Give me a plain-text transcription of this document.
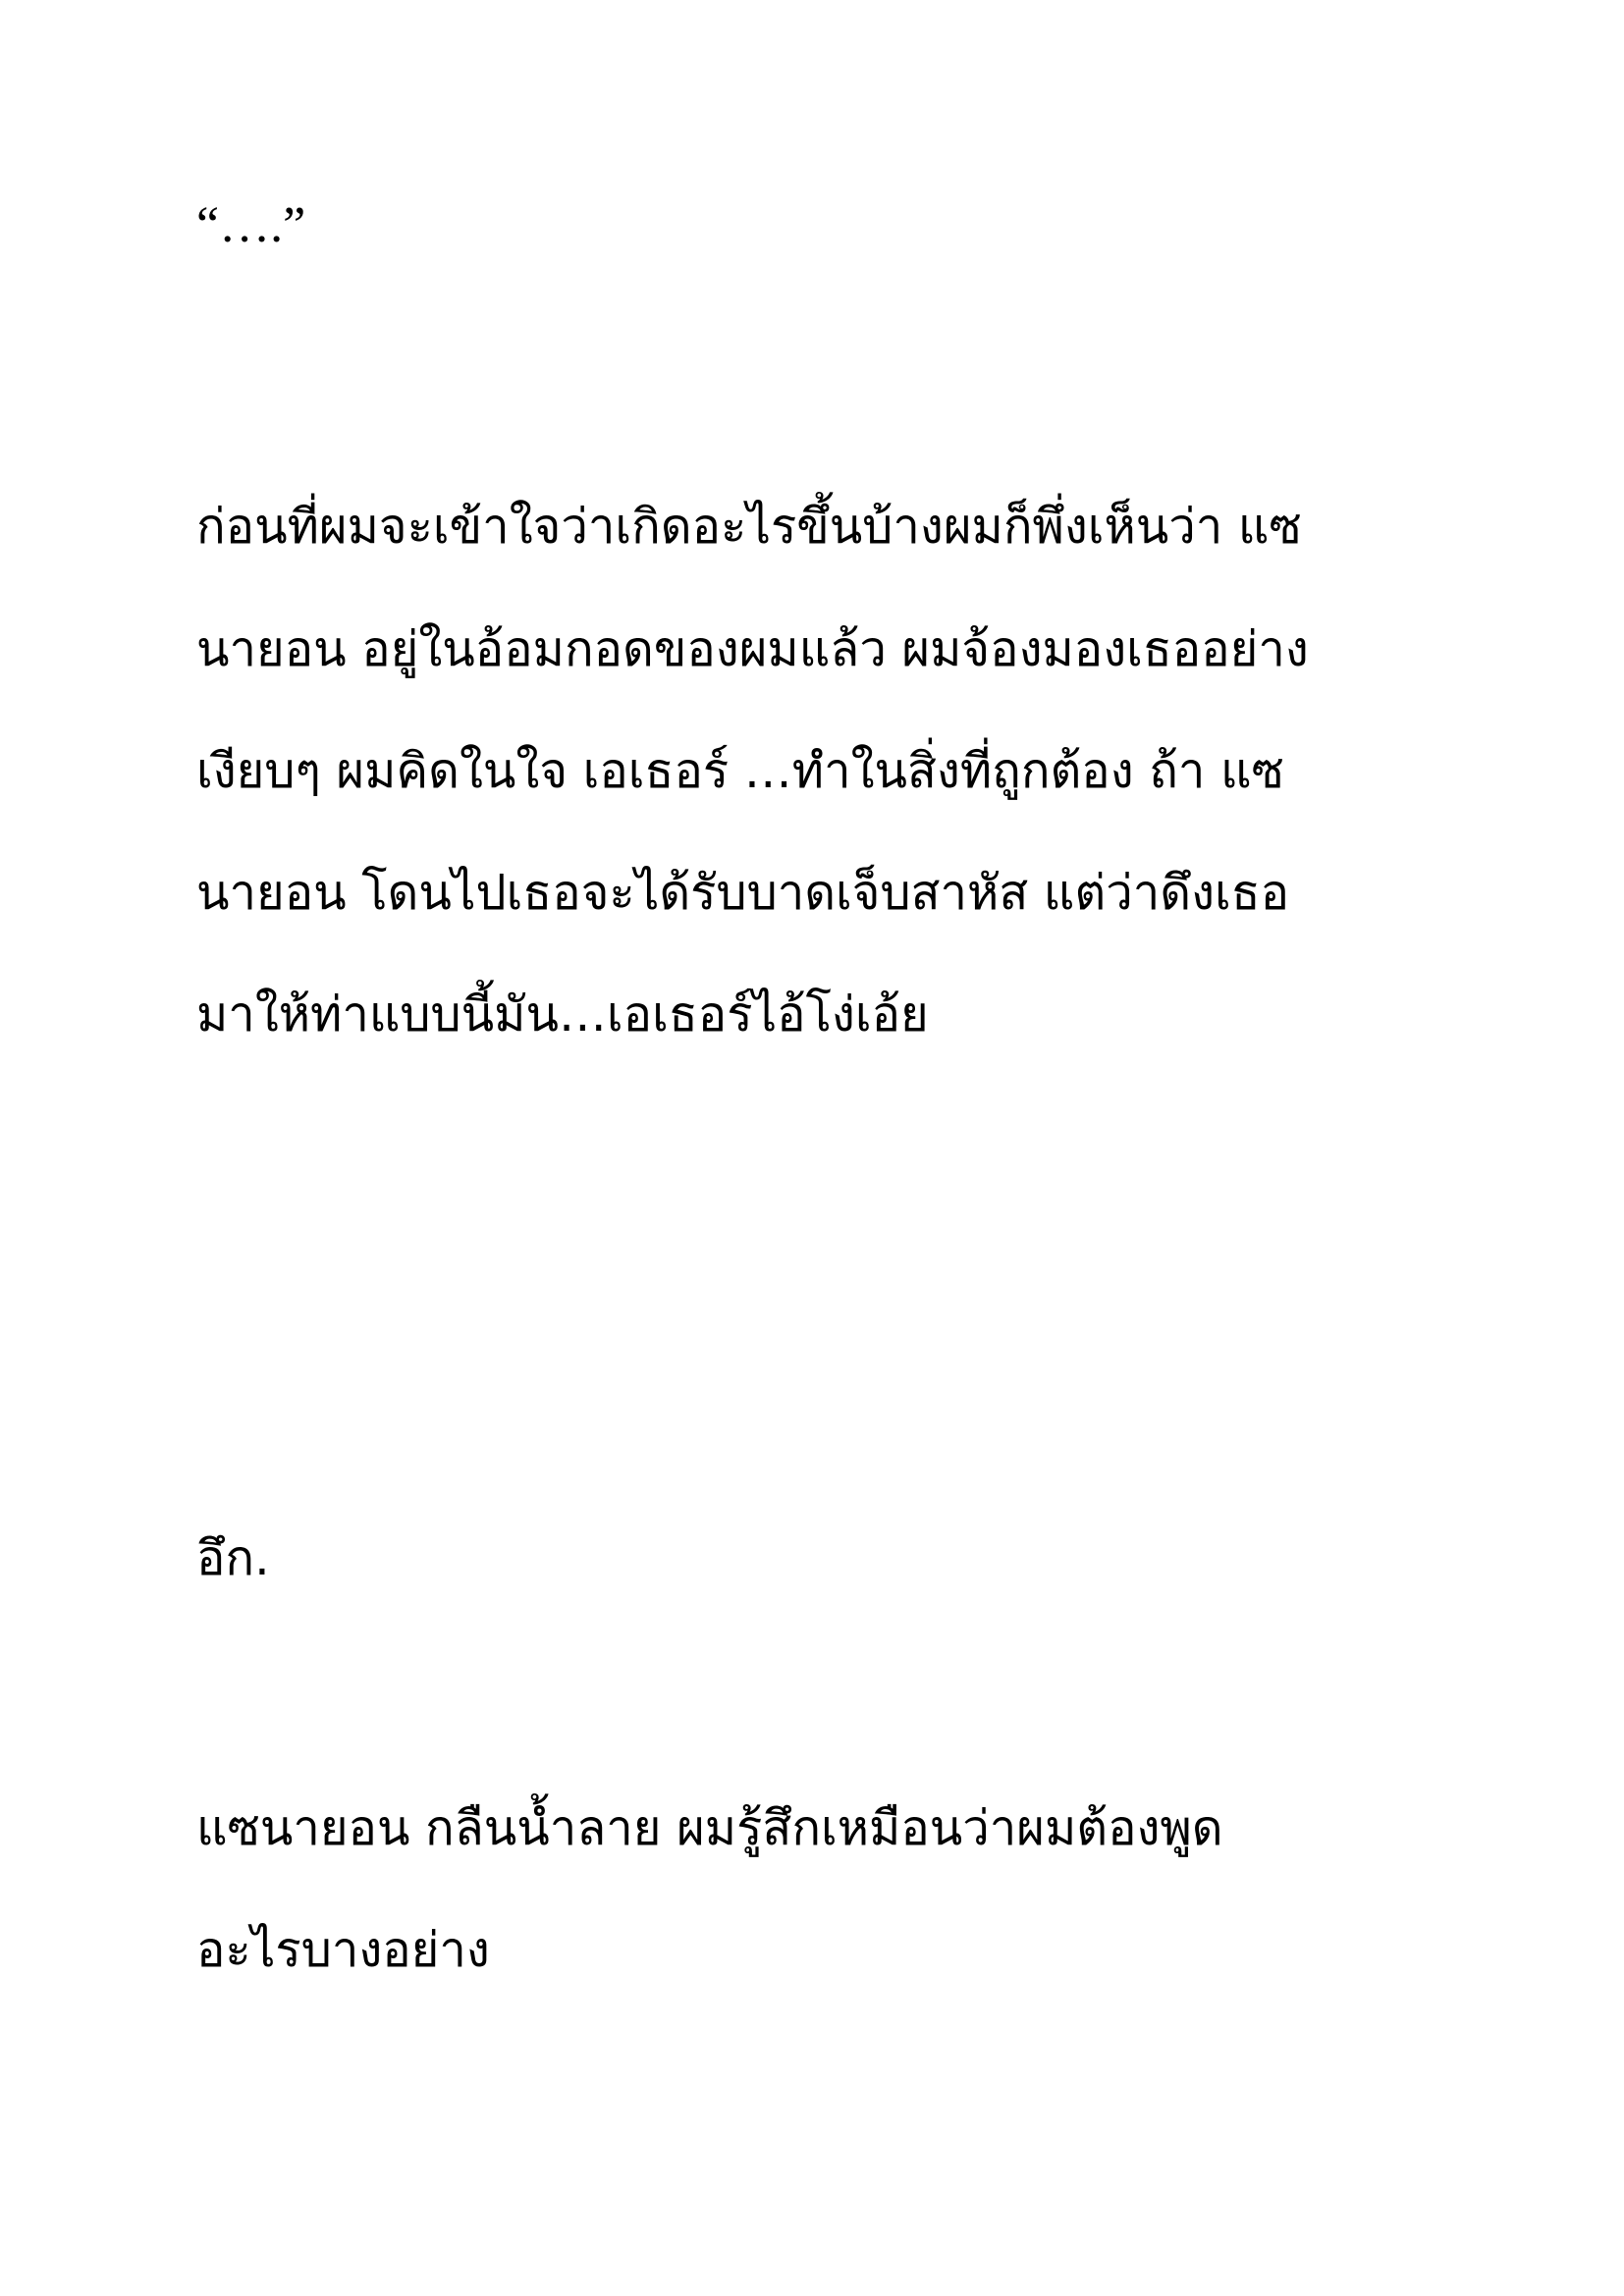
“….”
ก่อนที่ผมจะเข้าใจว่าเกิดอะไรขึ้นบ้างผมก็พึ่งเห็นว่า แซ
นายอน อยู่ในอ้อมกอดของผมแล้ว ผมจ้องมองเธออย่าง
เงียบๆ ผมคิดในใจ เอเธอร์ …ทำในสิ่งที่ถูกต้อง ถ้า แซ
นายอน โดนไปเธอจะได้รับบาดเจ็บสาหัส แต่ว่าดึงเธอ
มาให้ท่าแบบนี้มัน…เอเธอร์ไอ้โง่เอ้ย
อึก.
แซนายอน กลืนน้ำลาย ผมรู้สึกเหมือนว่าผมต้องพูด
อะไรบางอย่าง
